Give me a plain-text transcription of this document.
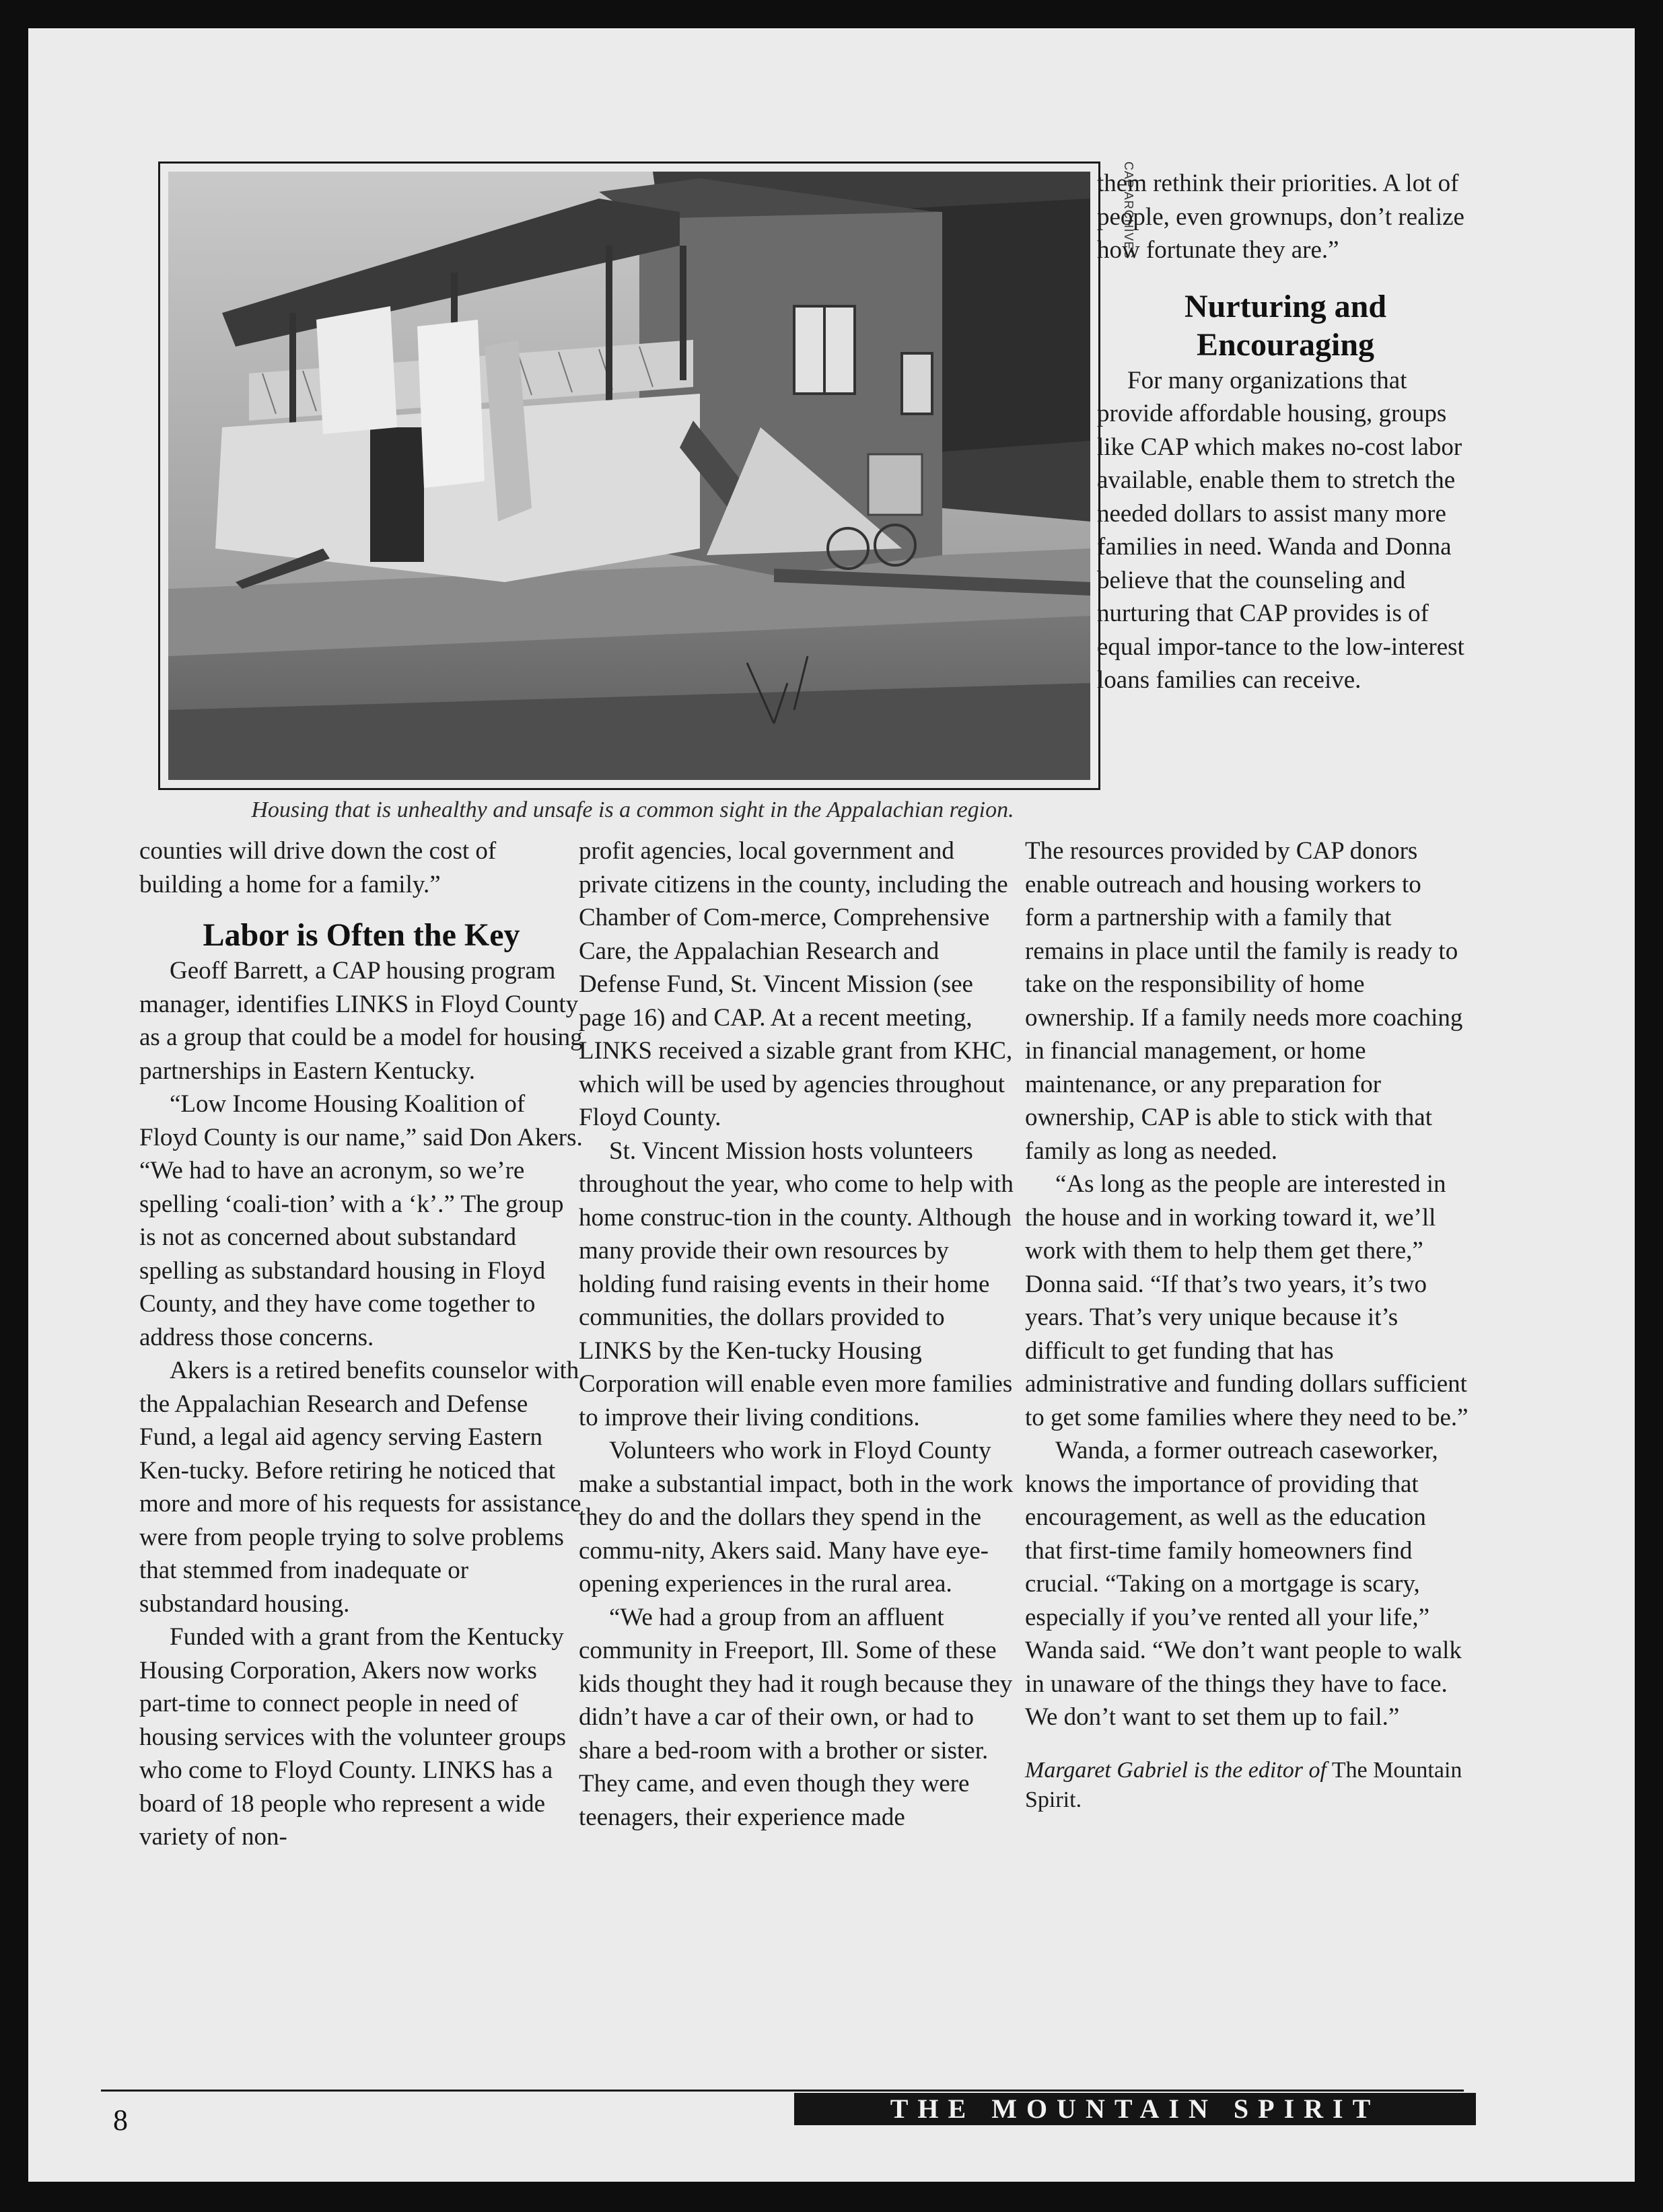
CAP ARCHIVES
Housing that is unhealthy and unsafe is a common sight in the Appalachian region.

counties will drive down the cost of building a home for a family.”

Labor is Often the Key

Geoff Barrett, a CAP housing program manager, identifies LINKS in Floyd County as a group that could be a model for housing partnerships in Eastern Kentucky.

“Low Income Housing Koalition of Floyd County is our name,” said Don Akers. “We had to have an acronym, so we’re spelling ‘coali-tion’ with a ‘k’.” The group is not as concerned about substandard spelling as substandard housing in Floyd County, and they have come together to address those concerns.

Akers is a retired benefits counselor with the Appalachian Research and Defense Fund, a legal aid agency serving Eastern Ken-tucky. Before retiring he noticed that more and more of his requests for assistance were from people trying to solve problems that stemmed from inadequate or substandard housing.

Funded with a grant from the Kentucky Housing Corporation, Akers now works part-time to connect people in need of housing services with the volunteer groups who come to Floyd County. LINKS has a board of 18 people who represent a wide variety of non-

profit agencies, local government and private citizens in the county, including the Chamber of Com-merce, Comprehensive Care, the Appalachian Research and Defense Fund, St. Vincent Mission (see page 16) and CAP. At a recent meeting, LINKS received a sizable grant from KHC, which will be used by agencies throughout Floyd County.

St. Vincent Mission hosts volunteers throughout the year, who come to help with home construc-tion in the county. Although many provide their own resources by holding fund raising events in their home communities, the dollars provided to LINKS by the Ken-tucky Housing Corporation will enable even more families to improve their living conditions.

Volunteers who work in Floyd County make a substantial impact, both in the work they do and the dollars they spend in the commu-nity, Akers said. Many have eye-opening experiences in the rural area.

“We had a group from an affluent community in Freeport, Ill. Some of these kids thought they had it rough because they didn’t have a car of their own, or had to share a bed-room with a brother or sister. They came, and even though they were teenagers, their experience made

them rethink their priorities. A lot of people, even grownups, don’t realize how fortunate they are.”

Nurturing and Encouraging

For many organizations that provide affordable housing, groups like CAP which makes no-cost labor available, enable them to stretch the needed dollars to assist many more families in need. Wanda and Donna believe that the counseling and nurturing that CAP provides is of equal impor-tance to the low-interest loans families can receive.

The resources provided by CAP donors enable outreach and housing workers to form a partnership with a family that remains in place until the family is ready to take on the responsibility of home ownership. If a family needs more coaching in financial management, or home maintenance, or any preparation for ownership, CAP is able to stick with that family as long as needed.

“As long as the people are interested in the house and in working toward it, we’ll work with them to help them get there,” Donna said. “If that’s two years, it’s two years. That’s very unique because it’s difficult to get funding that has administrative and funding dollars sufficient to get some families where they need to be.”

Wanda, a former outreach caseworker, knows the importance of providing that encouragement, as well as the education that first-time family homeowners find crucial. “Taking on a mortgage is scary, especially if you’ve rented all your life,” Wanda said. “We don’t want people to walk in unaware of the things they have to face. We don’t want to set them up to fail.”

Margaret Gabriel is the editor of The Mountain Spirit.

8	THE MOUNTAIN SPIRIT
